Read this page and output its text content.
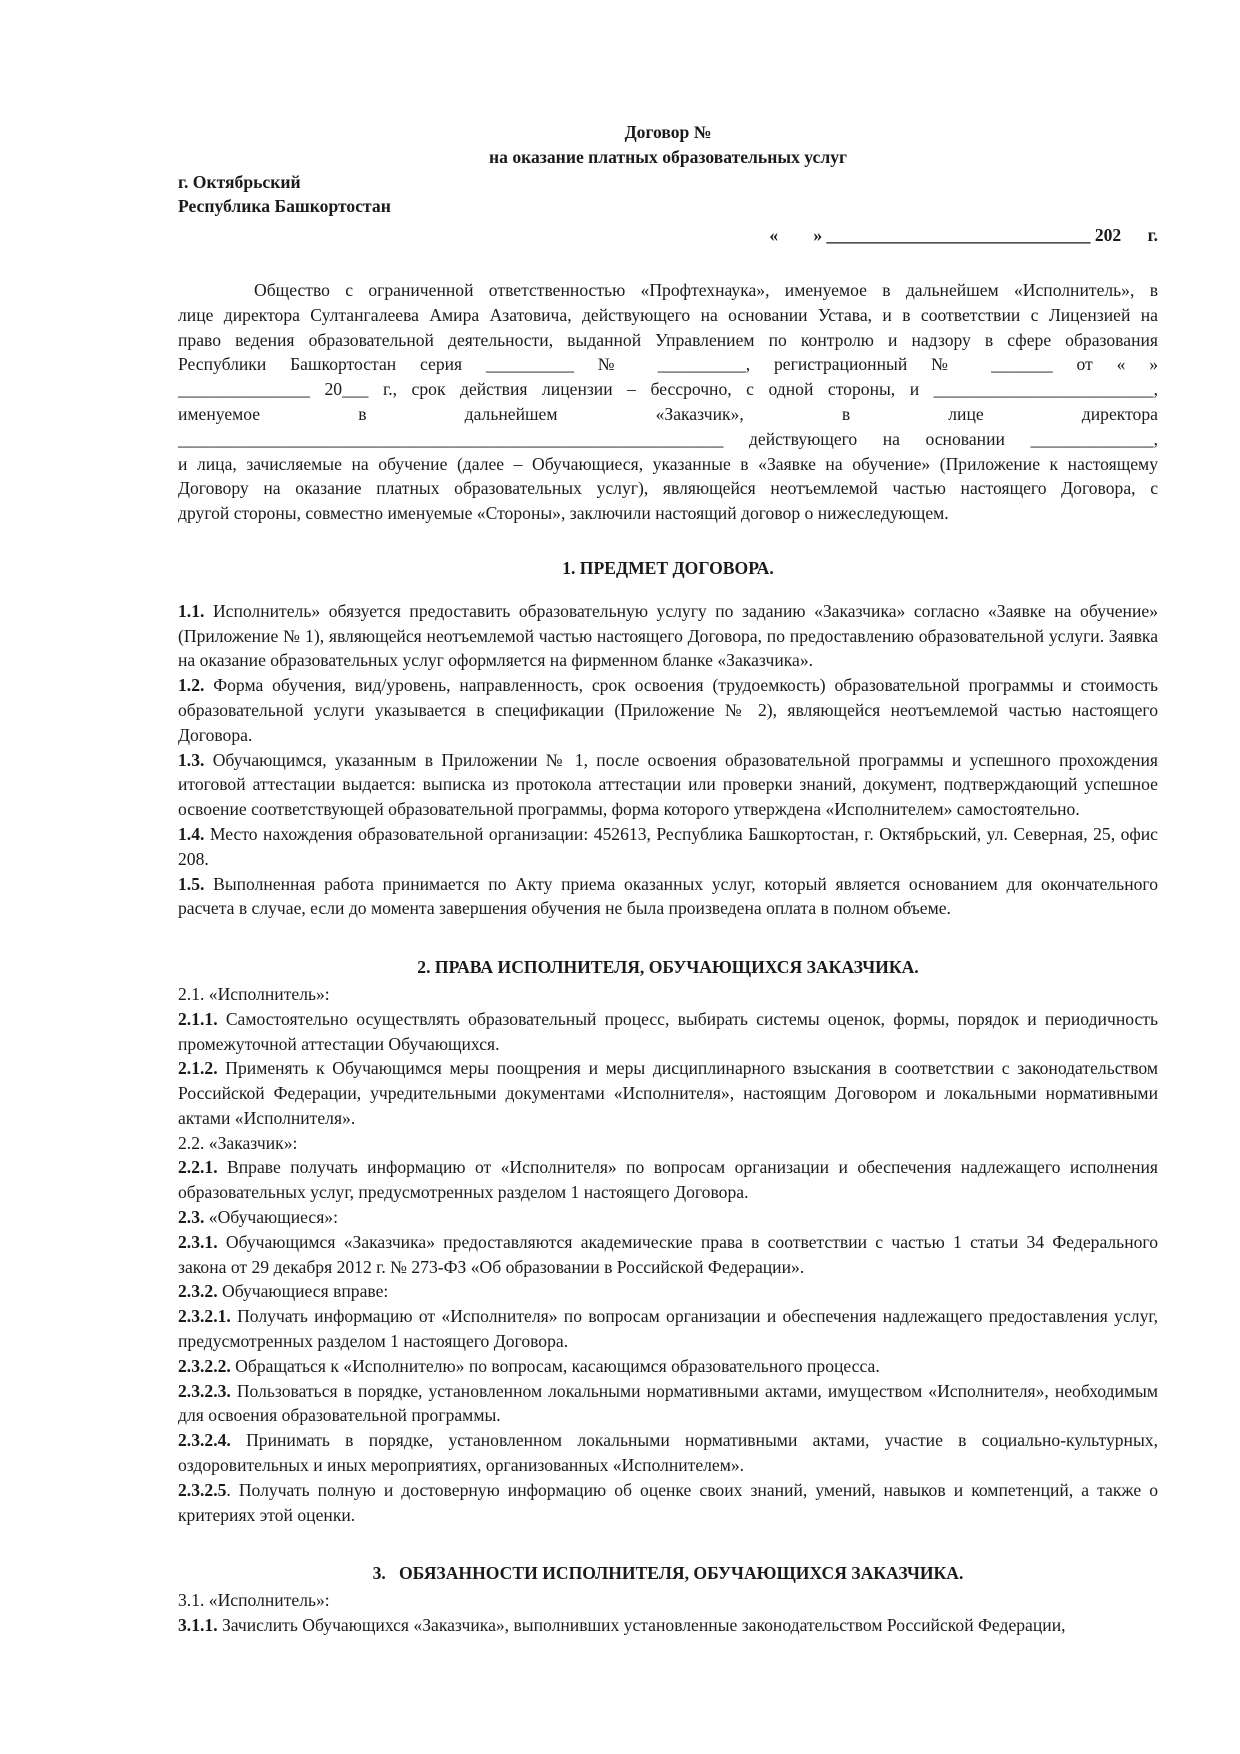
Договор №
на оказание платных образовательных услуг
г. Октябрьский
Республика Башкортостан
«        » ______________________________ 202      г.
Общество с ограниченной ответственностью «Профтехнаука», именуемое в дальнейшем «Исполнитель», в
лице директора Султангалеева Амира Азатовича, действующего на основании Устава, и в соответствии с Лицензией на
право ведения образовательной деятельности, выданной Управлением по контролю и надзору в сфере образования
Республики Башкортостан серия __________ № __________, регистрационный № _______ от « »
_______________ 20___ г., срок действия лицензии – бессрочно, с одной стороны, и _________________________,
именуемое	в	дальнейшем	«Заказчик»,	в	лице	директора
______________________________________________________________ действующего на основании ______________,
и лица, зачисляемые на обучение (далее – Обучающиеся, указанные в «Заявке на обучение» (Приложение к настоящему
Договору на оказание платных образовательных услуг), являющейся неотъемлемой частью настоящего Договора, с
другой стороны, совместно именуемые «Стороны», заключили настоящий договор о нижеследующем.
1. ПРЕДМЕТ ДОГОВОРА.
1.1. Исполнитель» обязуется предоставить образовательную услугу по заданию «Заказчика» согласно «Заявке на обучение» (Приложение № 1), являющейся неотъемлемой частью настоящего Договора, по предоставлению образовательной услуги. Заявка на оказание образовательных услуг оформляется на фирменном бланке «Заказчика».
1.2. Форма обучения, вид/уровень, направленность, срок освоения (трудоемкость) образовательной программы и стоимость образовательной услуги указывается в спецификации (Приложение № 2), являющейся неотъемлемой частью настоящего Договора.
1.3. Обучающимся, указанным в Приложении № 1, после освоения образовательной программы и успешного прохождения итоговой аттестации выдается: выписка из протокола аттестации или проверки знаний, документ, подтверждающий успешное освоение соответствующей образовательной программы, форма которого утверждена «Исполнителем» самостоятельно.
1.4. Место нахождения образовательной организации: 452613, Республика Башкортостан, г. Октябрьский, ул. Северная, 25, офис 208.
1.5. Выполненная работа принимается по Акту приема оказанных услуг, который является основанием для окончательного расчета в случае, если до момента завершения обучения не была произведена оплата в полном объеме.
2. ПРАВА ИСПОЛНИТЕЛЯ, ОБУЧАЮЩИХСЯ ЗАКАЗЧИКА.
2.1. «Исполнитель»:
2.1.1. Самостоятельно осуществлять образовательный процесс, выбирать системы оценок, формы, порядок и периодичность промежуточной аттестации Обучающихся.
2.1.2. Применять к Обучающимся меры поощрения и меры дисциплинарного взыскания в соответствии с законодательством Российской Федерации, учредительными документами «Исполнителя», настоящим Договором и локальными нормативными актами «Исполнителя».
2.2. «Заказчик»:
2.2.1. Вправе получать информацию от «Исполнителя» по вопросам организации и обеспечения надлежащего исполнения образовательных услуг, предусмотренных разделом 1 настоящего Договора.
2.3. «Обучающиеся»:
2.3.1. Обучающимся «Заказчика» предоставляются академические права в соответствии с частью 1 статьи 34 Федерального закона от 29 декабря 2012 г. № 273-ФЗ «Об образовании в Российской Федерации».
2.3.2. Обучающиеся вправе:
2.3.2.1. Получать информацию от «Исполнителя» по вопросам организации и обеспечения надлежащего предоставления услуг, предусмотренных разделом 1 настоящего Договора.
2.3.2.2. Обращаться к «Исполнителю» по вопросам, касающимся образовательного процесса.
2.3.2.3. Пользоваться в порядке, установленном локальными нормативными актами, имуществом «Исполнителя», необходимым для освоения образовательной программы.
2.3.2.4. Принимать в порядке, установленном локальными нормативными актами, участие в социально-культурных, оздоровительных и иных мероприятиях, организованных «Исполнителем».
2.3.2.5. Получать полную и достоверную информацию об оценке своих знаний, умений, навыков и компетенций, а также о критериях этой оценки.
3.   ОБЯЗАННОСТИ ИСПОЛНИТЕЛЯ, ОБУЧАЮЩИХСЯ ЗАКАЗЧИКА.
3.1. «Исполнитель»:
3.1.1. Зачислить Обучающихся «Заказчика», выполнивших установленные законодательством Российской Федерации,
